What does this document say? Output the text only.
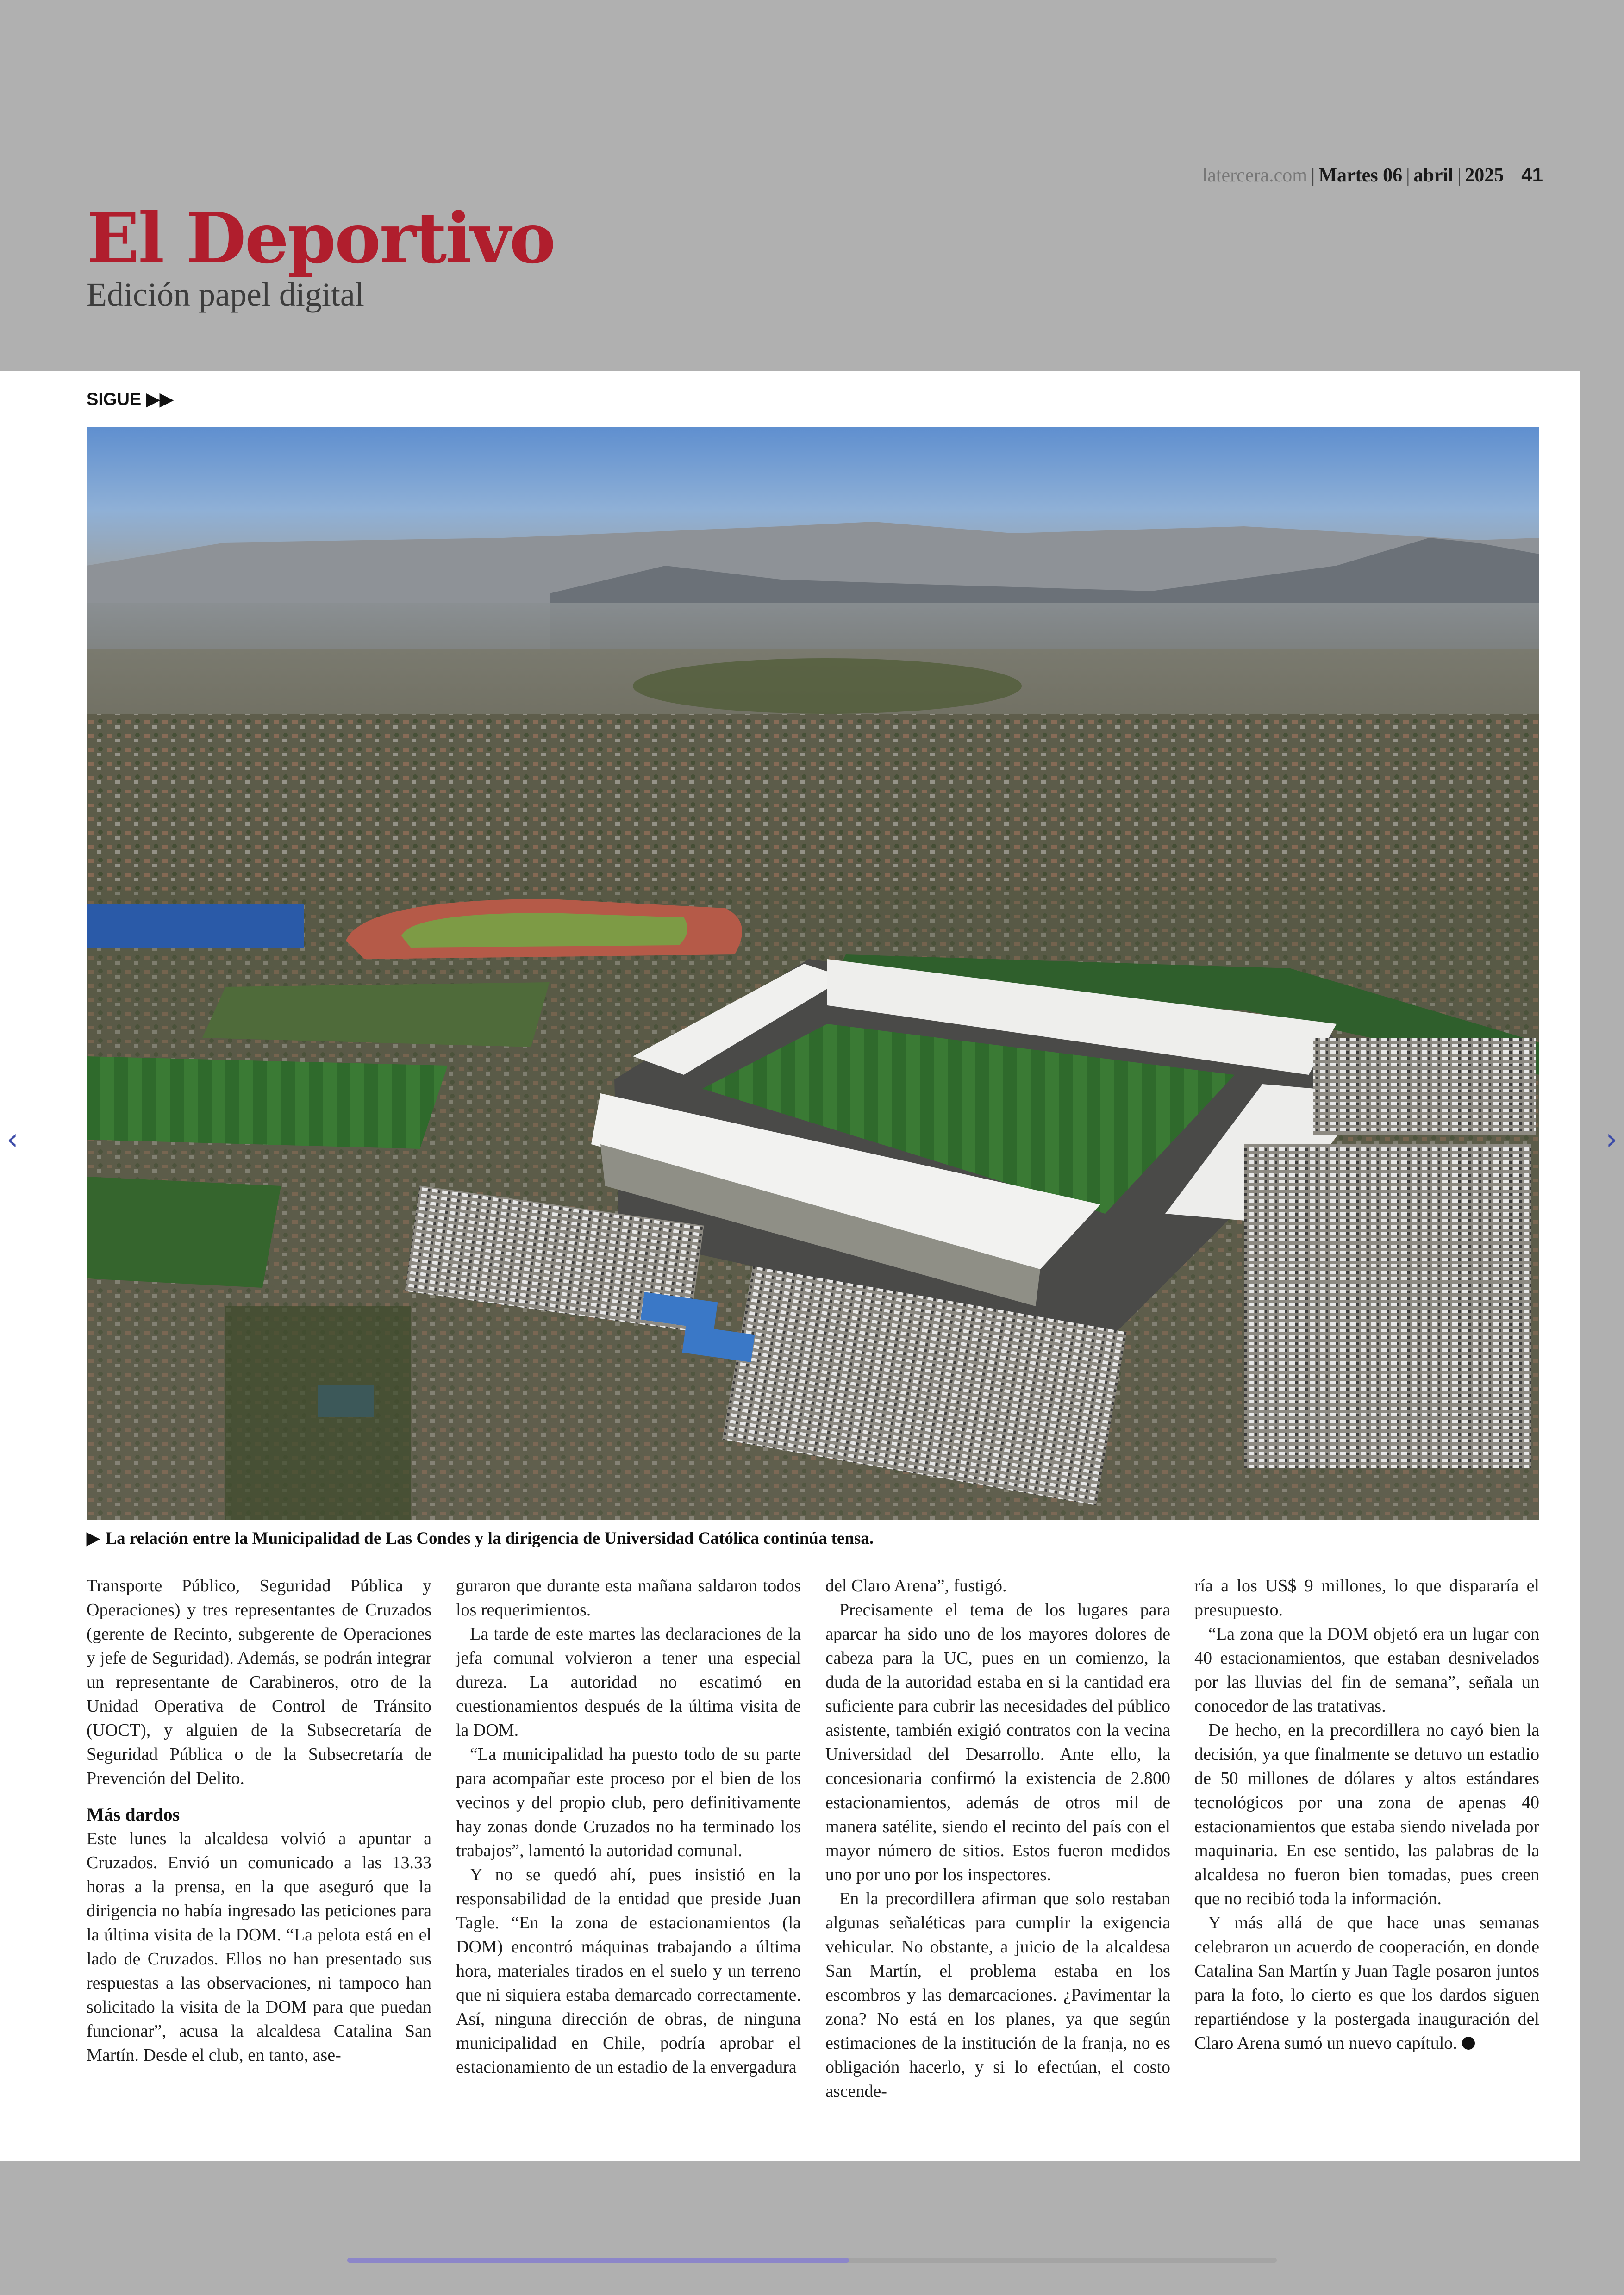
El Deportivo
Edición papel digital
latercera.com | Martes 06 | abril | 2025 41
SIGUE ▶▶
▶ La relación entre la Municipalidad de Las Condes y la dirigencia de Universidad Católica continúa tensa.

Transporte Público, Seguridad Pública y Operaciones) y tres representantes de Cruzados (gerente de Recinto, subgerente de Operaciones y jefe de Seguridad). Además, se podrán integrar un representante de Carabineros, otro de la Unidad Operativa de Control de Tránsito (UOCT), y alguien de la Subsecretaría de Seguridad Pública o de la Subsecretaría de Prevención del Delito.

Más dardos

Este lunes la alcaldesa volvió a apuntar a Cruzados. Envió un comunicado a las 13.33 horas a la prensa, en la que aseguró que la dirigencia no había ingresado las peticiones para la última visita de la DOM. “La pelota está en el lado de Cruzados. Ellos no han presentado sus respuestas a las observaciones, ni tampoco han solicitado la visita de la DOM para que puedan funcionar”, acusa la alcaldesa Catalina San Martín. Desde el club, en tanto, ase-

guraron que durante esta mañana saldaron todos los requerimientos.

La tarde de este martes las declaraciones de la jefa comunal volvieron a tener una especial dureza. La autoridad no escatimó en cuestionamientos después de la última visita de la DOM.

“La municipalidad ha puesto todo de su parte para acompañar este proceso por el bien de los vecinos y del propio club, pero definitivamente hay zonas donde Cruzados no ha terminado los trabajos”, lamentó la autoridad comunal.

Y no se quedó ahí, pues insistió en la responsabilidad de la entidad que preside Juan Tagle. “En la zona de estacionamientos (la DOM) encontró máquinas trabajando a última hora, materiales tirados en el suelo y un terreno que ni siquiera estaba demarcado correctamente. Así, ninguna dirección de obras, de ninguna municipalidad en Chile, podría aprobar el estacionamiento de un estadio de la envergadura

del Claro Arena”, fustigó.

Precisamente el tema de los lugares para aparcar ha sido uno de los mayores dolores de cabeza para la UC, pues en un comienzo, la duda de la autoridad estaba en si la cantidad era suficiente para cubrir las necesidades del público asistente, también exigió contratos con la vecina Universidad del Desarrollo. Ante ello, la concesionaria confirmó la existencia de 2.800 estacionamientos, además de otros mil de manera satélite, siendo el recinto del país con el mayor número de sitios. Estos fueron medidos uno por uno por los inspectores.

En la precordillera afirman que solo restaban algunas señaléticas para cumplir la exigencia vehicular. No obstante, a juicio de la alcaldesa San Martín, el problema estaba en los escombros y las demarcaciones. ¿Pavimentar la zona? No está en los planes, ya que según estimaciones de la institución de la franja, no es obligación hacerlo, y si lo efectúan, el costo ascende-

ría a los US$ 9 millones, lo que dispararía el presupuesto.

“La zona que la DOM objetó era un lugar con 40 estacionamientos, que estaban desnivelados por las lluvias del fin de semana”, señala un conocedor de las tratativas.

De hecho, en la precordillera no cayó bien la decisión, ya que finalmente se detuvo un estadio de 50 millones de dólares y altos estándares tecnológicos por una zona de apenas 40 estacionamientos que estaba siendo nivelada por maquinaria. En ese sentido, las palabras de la alcaldesa no fueron bien tomadas, pues creen que no recibió toda la información.

Y más allá de que hace unas semanas celebraron un acuerdo de cooperación, en donde Catalina San Martín y Juan Tagle posaron juntos para la foto, lo cierto es que los dardos siguen repartiéndose y la postergada inauguración del Claro Arena sumó un nuevo capítulo.

‹	›
